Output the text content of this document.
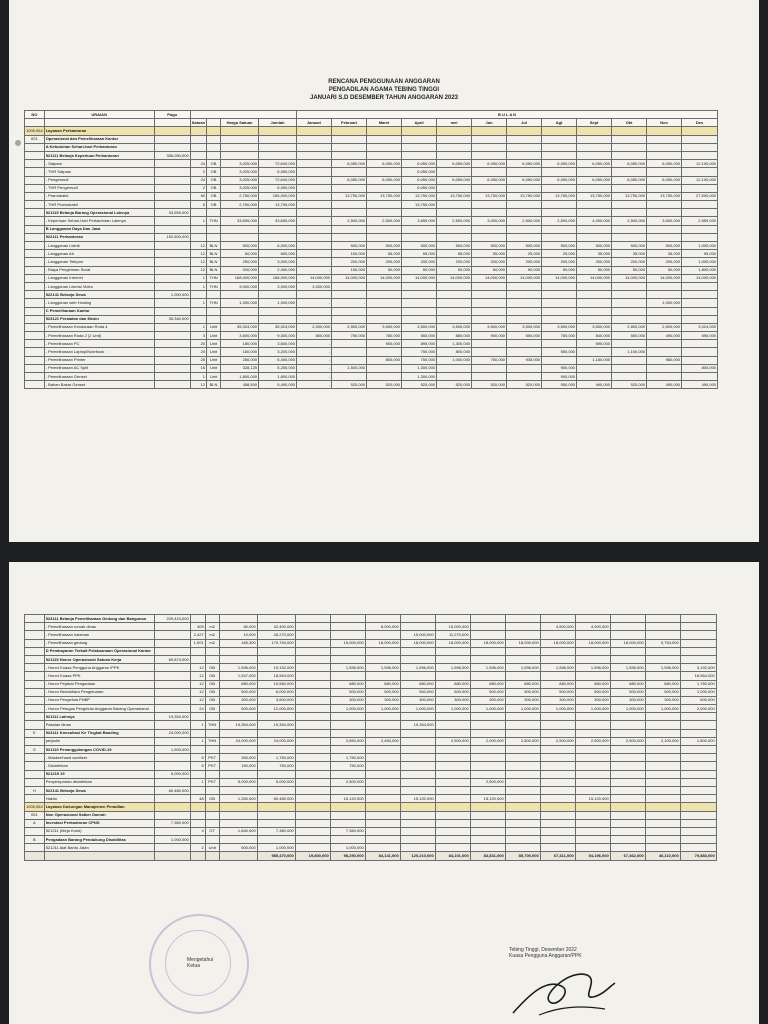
RENCANA PENGGUNAAN ANGGARAN
PENGADILAN AGAMA TEBING TINGGI
JANUARI S.D DESEMBER TAHUN ANGGARAN 2023
NO	URAIAN	Pagu					B U L A N											
			Satuan		Harga Satuan	Jumlah	Januari	Februari	Maret	April	mei	Jun	Jul	Agt	Sept	Okt	Nov	Des
1005.064	Layanan Perkantoran																	
001	Operasional dan Pemeliharaan Kantor																	
	A Kebutuhan Sehari-hari Perkantoran																	
	521111 Belanja Keperluan Perkantoran	336,050,000																
	- Satpam		24	OB	3,025,000	72,600,000		6,050,000	6,050,000	6,050,000	6,050,000	6,050,000	6,050,000	6,050,000	6,050,000	6,050,000	6,050,000	12,100,000
	- THR Satpam		2	OB	3,025,000	6,050,000				6,050,000								
	- Pengemudi		24	OB	3,025,000	72,600,000		6,050,000	6,050,000	6,050,000	6,050,000	6,050,000	6,050,000	6,050,000	6,050,000	6,050,000	6,050,000	12,100,000
	- THR Pengemudi		2	OB	3,025,000	6,050,000				6,050,000								
	- Pramubakti		60	OB	2,750,000	165,000,000		13,750,000	13,750,000	13,750,000	13,750,000	13,750,000	13,750,000	13,750,000	13,750,000	13,750,000	13,750,000	27,500,000
	- THR Pramubakti		5	OB	2,750,000	13,750,000				13,750,000								
	521115 Belanja Barang Operasional Lainnya	33,659,000																
	- Keperluan Sehari-Hari Perkantoran Lainnya		1	THN	33,659,000	33,659,000	-	2,500,000	2,500,000	3,659,000	2,500,000	3,000,000	2,500,000	2,500,000	4,000,000	2,500,000	3,500,000	2,559,000
	B Langganan Daya Dan Jasa																	
	522111 Perkantoran	192,600,000																
	- Langganan Listrik		12	BLN	500,000	6,000,000		500,000	500,000	500,000	500,000	500,000	500,000	500,000	500,000	500,000	500,000	1,000,000
	- Langganan Air		12	BLN	50,000	600,000		100,000	55,000	55,000	55,000	55,000	25,000	25,000	35,000	35,000	35,000	95,000
	- Langganan Telepon		12	BLN	250,000	3,000,000		200,000	200,000	200,000	200,000	200,000	200,000	200,000	200,000	200,000	200,000	1,000,000
	- Biaya Pengiriman Surat		12	BLN	200,000	2,400,000	-	150,000	50,000	50,000	50,000	50,000	50,000	50,000	50,000	50,000	50,000	1,800,000
	- Langganan Internet		1	THN	168,000,000	168,000,000	14,000,000	14,000,000	14,000,000	14,000,000	14,000,000	14,000,000	14,000,000	14,000,000	14,000,000	14,000,000	14,000,000	14,000,000
	- Langganan Lisensi Video		1	THN	3,000,000	3,000,000	3,000,000											
	522141 Belanja Sewa	1,000,000																
	- Langganan web Hosting		1	THN	1,000,000	1,000,000	-	-									1,000,000	
	C Pemeliharaan Kantor																	
	523121 Peralatan dan Mesin	35,340,000																
	- Pemeliharaan Kendaraan Roda 4		1	Unit	35,324,000	35,324,000	2,000,000	2,500,000	3,500,000	3,500,000	3,500,000	3,500,000	3,500,000	3,500,000	3,500,000	2,800,000	2,500,000	3,024,000
	- Pemeliharaan Roda 2 (2 Unit)		3	Unit	3,600,000	9,300,000	800,000	750,000	780,000	550,000	880,000	900,000	550,000	750,000	840,000	550,000	490,000	690,000
	- Pemeliharaan PC		20	Unit	180,000	3,600,000	-		900,000	895,000	1,300,000				595,000			
	- Pemeliharaan Laptop/Notebook		20	Unit	160,000	3,200,000	-			750,000	800,000			550,000		1,100,000		
	- Pemeliharaan Printer		25	Unit	256,000	6,400,000	-		800,000	750,000	1,000,000	750,000	935,000		1,180,000		980,000	
	- Pemeliharaan AC Split		16	Unit	328,125	5,250,000	-	1,500,000		1,300,000				900,000				800,000
	- Pemeliharaan Genset		1	Unit	1,800,000	1,800,000	-			1,300,000				900,000				
	- Bahan Bakar Genset		12	BLN	458,500	5,490,000	-	520,000	520,000	520,000	520,000	520,000	520,000	550,000	490,000	520,000	490,000	490,000
	523111 Belanja Pemeliharaan Gedung dan Bangunan	229,424,000																
	- Pemeliharaan rumah dinas		405	m2	80,000	32,400,000			8,000,000		15,000,000			4,500,000	4,900,000			
	- Pemeliharaan halaman		2,427	m2	10,000	26,270,000				15,000,000	11,270,000							
	- Pemeliharaan gedung		1,001	m2	165,300	170,754,000		15,000,000	18,000,000	18,000,000	18,000,000	18,000,000	18,000,000	18,000,000	18,000,000	18,000,000	9,754,000	
	D Pembayaran Terkait Pelaksanaan Operasional Kantor																	
	521115 Honor Operasional Satuan Kerja	69,874,000																
	- Honor Kuasa Pengguna Anggaran /PPK		12	OB	1,596,000	19,152,000		1,596,000	1,596,000	1,596,000	1,596,000	1,596,000	1,596,000	1,596,000	1,596,000	1,596,000	1,596,000	3,192,000
	- Honor Kuasa PPK		12	OB	1,547,000	18,564,000												18,564,000
	- Honor Pejabat Pengadaan		12	OB	880,000	10,560,000		880,000	880,000	880,000	880,000	880,000	880,000	880,000	880,000	880,000	880,000	1,760,000
	- Honor Bendahara Pengeluaran		12	OB	500,000	6,000,000		500,000	500,000	500,000	500,000	500,000	500,000	500,000	500,000	500,000	500,000	1,000,000
	- Honor Pengelola PNBP		12	OB	300,000	3,600,000		300,000	300,000	300,000	300,000	300,000	300,000	300,000	300,000	300,000	300,000	600,000
	- Honor Petugas Pengelola Anggaran Barang Operasional		24	OB	500,000	12,000,000		1,000,000	1,000,000	1,000,000	1,000,000	1,000,000	1,000,000	1,000,000	1,000,000	1,000,000	1,000,000	2,000,000
	521111 Lainnya	19,354,000																
	Pakaian dinas		1	THN	19,354,000	19,354,000				19,354,000								
E	524111 Konsultasi Ke Tingkat Banding	24,000,000																
	perjadin		1	THN	24,000,000	24,000,000		2,850,000	2,450,000		2,500,000	2,000,000	2,800,000	2,500,000	2,500,000	2,500,000	2,100,000	1,800,000
G	521119 Penanggulangan COVID-19	1,500,000																
	- Masker/hand sanitizer		5	PKT	350,000	1,750,000		1,750,000										
	- Disinfektan		5	PKT	150,000	750,000		750,000										
	521219 19	5,000,000																
	Penyemprotan disinfektan		1	PKT	5,000,000	5,000,000		2,500,000				2,500,000						
H	522141 Belanja Sewa	60,480,000																
	Hakim		48	OB	1,260,000	60,480,000		15,120,000		15,120,000		15,120,000			15,120,000			
1005.064	Layanan Dukungan Manajemen Peradilan																	
051	Non Operasional Satker Daerah																	
A	Investasi Perkantoran CPNS	7,360,000																
	521211 (Meja Kursi)		4	OT	1,840,000	7,360,000		7,360,000										
B	Pengadaan Barang Pendukung Disabilitas	1,000,000																
	521211 Alat Bantu Jalan		2	Unit	500,000	1,000,000		1,000,000										
						985,470,000	19,800,000	98,250,000	84,141,000	120,210,000	84,101,000	83,831,000	85,700,000	67,311,000	54,196,000	67,462,000	46,110,000	79,883,000
Mengetahui
Ketua
Tebing Tinggi, Desember 2022
Kuasa Pengguna Anggaran/PPK
